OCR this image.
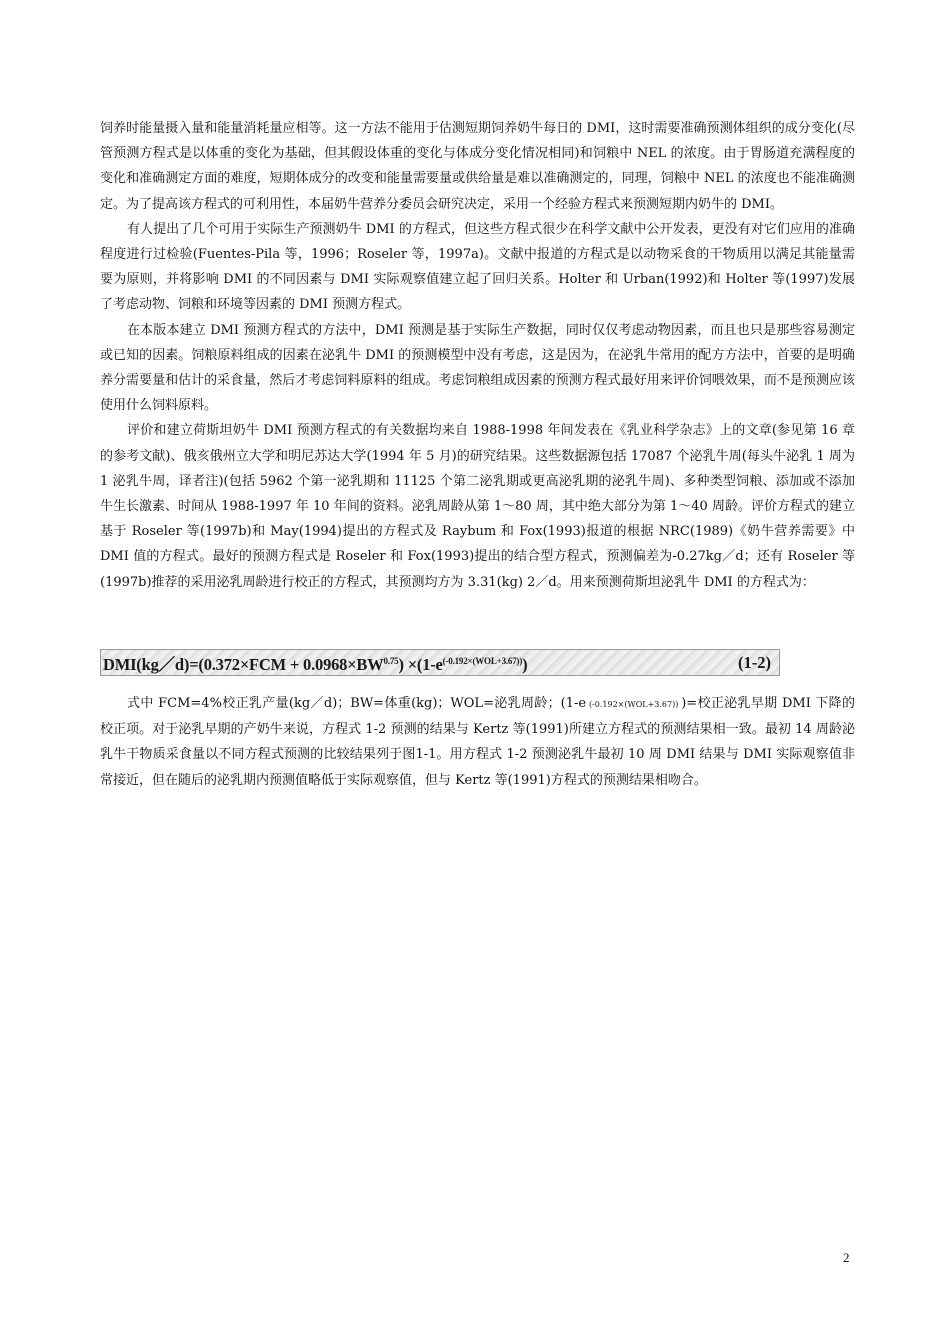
饲养时能量摄入量和能量消耗量应相等。这一方法不能用于估测短期饲养奶牛每日的 DMI，这时需要准确预测体组织的成分变化(尽管预测方程式是以体重的变化为基础，但其假设体重的变化与体成分变化情况相同)和饲粮中 NEL 的浓度。由于胃肠道充满程度的变化和准确测定方面的难度，短期体成分的改变和能量需要量或供给量是难以准确测定的，同理，饲粮中 NEL 的浓度也不能准确测定。为了提高该方程式的可利用性，本届奶牛营养分委员会研究决定，采用一个经验方程式来预测短期内奶牛的 DMI。

有人提出了几个可用于实际生产预测奶牛 DMI 的方程式，但这些方程式很少在科学文献中公开发表，更没有对它们应用的准确程度进行过检验(Fuentes-Pila 等，1996；Roseler 等，1997a)。文献中报道的方程式是以动物采食的干物质用以满足其能量需要为原则，并将影响 DMI 的不同因素与 DMI 实际观察值建立起了回归关系。Holter 和 Urban(1992)和 Holter 等(1997)发展了考虑动物、饲粮和环境等因素的 DMI 预测方程式。

在本版本建立 DMI 预测方程式的方法中，DMI 预测是基于实际生产数据，同时仅仅考虑动物因素，而且也只是那些容易测定或已知的因素。饲粮原料组成的因素在泌乳牛 DMI 的预测模型中没有考虑，这是因为，在泌乳牛常用的配方方法中，首要的是明确养分需要量和估计的采食量，然后才考虑饲料原料的组成。考虑饲粮组成因素的预测方程式最好用来评价饲喂效果，而不是预测应该使用什么饲料原料。

评价和建立荷斯坦奶牛 DMI 预测方程式的有关数据均来自 1988-1998 年间发表在《乳业科学杂志》上的文章(参见第 16 章的参考文献)、俄亥俄州立大学和明尼苏达大学(1994 年 5 月)的研究结果。这些数据源包括 17087 个泌乳牛周(每头牛泌乳 1 周为 1 泌乳牛周，译者注)(包括 5962 个第一泌乳期和 11125 个第二泌乳期或更高泌乳期的泌乳牛周)、多种类型饲粮、添加或不添加牛生长激素、时间从 1988-1997 年 10 年间的资料。泌乳周龄从第 1～80 周，其中绝大部分为第 1～40 周龄。评价方程式的建立基于 Roseler 等(1997b)和 May(1994)提出的方程式及 Raybum 和 Fox(1993)报道的根据 NRC(1989)《奶牛营养需要》中 DMI 值的方程式。最好的预测方程式是 Roseler 和 Fox(1993)提出的结合型方程式，预测偏差为-0.27kg／d；还有 Roseler 等(1997b)推荐的采用泌乳周龄进行校正的方程式，其预测均方为 3.31(kg) 2／d。用来预测荷斯坦泌乳牛 DMI 的方程式为：

DMI(kg／d)=(0.372×FCM + $0.0968\times BW^{0.75}) \times(1-e^{(-0.192\times(WOL+3.67))})$	(1-2)

式中 FCM=4%校正乳产量(kg／d)；BW=体重(kg)；WOL=泌乳周龄；(1-e (-0.192×(WOL+3.67)) )=校正泌乳早期 DMI 下降的校正项。对于泌乳早期的产奶牛来说，方程式 1-2 预测的结果与 Kertz 等(1991)所建立方程式的预测结果相一致。最初 14 周龄泌乳牛干物质采食量以不同方程式预测的比较结果列于图1-1。用方程式 1-2 预测泌乳牛最初 10 周 DMI 结果与 DMI 实际观察值非常接近，但在随后的泌乳期内预测值略低于实际观察值，但与 Kertz 等(1991)方程式的预测结果相吻合。

2
